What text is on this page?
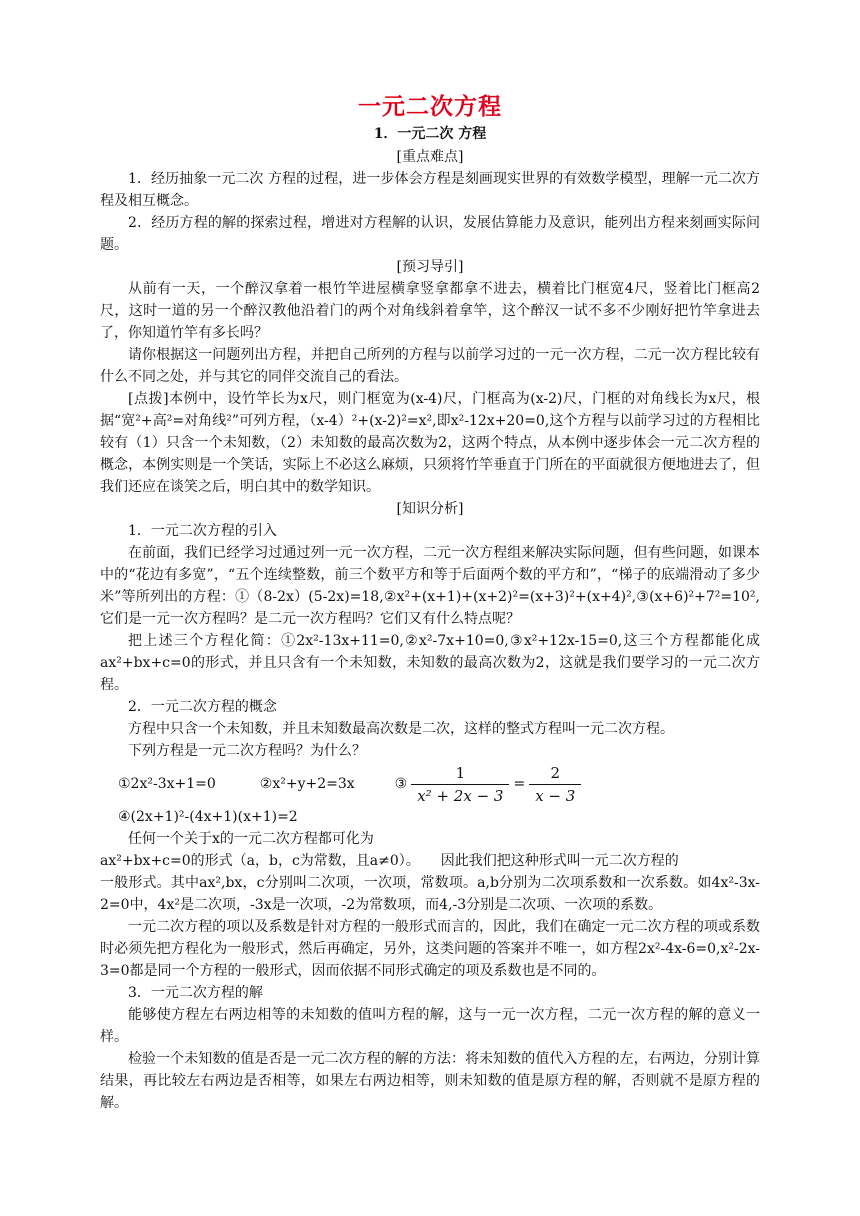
一元二次方程
1．一元二次 方程
[重点难点]

1．经历抽象一元二次 方程的过程，进一步体会方程是刻画现实世界的有效数学模型，理解一元二次方程及相互概念。

2．经历方程的解的探索过程，增进对方程解的认识，发展估算能力及意识，能列出方程来刻画实际问题。

[预习导引]

从前有一天，一个醉汉拿着一根竹竿进屋横拿竖拿都拿不进去，横着比门框宽4尺，竖着比门框高2尺，这时一道的另一个醉汉教他沿着门的两个对角线斜着拿竿，这个醉汉一试不多不少刚好把竹竿拿进去了，你知道竹竿有多长吗？

请你根据这一问题列出方程，并把自己所列的方程与以前学习过的一元一次方程，二元一次方程比较有什么不同之处，并与其它的同伴交流自己的看法。

[点拨]本例中，设竹竿长为x尺，则门框宽为(x-4)尺，门框高为(x-2)尺，门框的对角线长为x尺，根据“宽²+高²=对角线²”可列方程，（x-4）²+(x-2)²=x²,即x²-12x+20=0,这个方程与以前学习过的方程相比较有（1）只含一个未知数，（2）未知数的最高次数为2，这两个特点，从本例中逐步体会一元二次方程的概念，本例实则是一个笑话，实际上不必这么麻烦，只须将竹竿垂直于门所在的平面就很方便地进去了，但我们还应在谈笑之后，明白其中的数学知识。

[知识分析]

1．一元二次方程的引入

在前面，我们已经学习过通过列一元一次方程，二元一次方程组来解决实际问题，但有些问题，如课本中的“花边有多宽”，“五个连续整数，前三个数平方和等于后面两个数的平方和”，“梯子的底端滑动了多少米”等所列出的方程：①（8-2x）(5-2x)=18,②x²+(x+1)+(x+2)²=(x+3)²+(x+4)²,③(x+6)²+7²=10²,它们是一元一次方程吗？是二元一次方程吗？它们又有什么特点呢？

把上述三个方程化简：①2x²-13x+11=0,②x²-7x+10=0,③x²+12x-15=0,这三个方程都能化成ax²+bx+c=0的形式，并且只含有一个未知数，未知数的最高次数为2，这就是我们要学习的一元二次方程。

2．一元二次方程的概念

方程中只含一个未知数，并且未知数最高次数是二次，这样的整式方程叫一元二次方程。

下列方程是一元二次方程吗？为什么？

①2x²-3x+1=0	②x²+y+2=3x	③ $\frac{1}{\text{x² + 2x − 3}} = \frac{2}{x - 3}$

④(2x+1)²-(4x+1)(x+1)=2

任何一个关于x的一元二次方程都可化为

ax²+bx+c=0的形式（a，b，c为常数，且a≠0）。　　因此我们把这种形式叫一元二次方程的

一般形式。其中ax²,bx，c分别叫二次项，一次项，常数项。a,b分别为二次项系数和一次系数。如4x²-3x-2=0中，4x²是二次项，-3x是一次项，-2为常数项，而4,-3分别是二次项、一次项的系数。

一元二次方程的项以及系数是针对方程的一般形式而言的，因此，我们在确定一元二次方程的项或系数时必须先把方程化为一般形式，然后再确定，另外，这类问题的答案并不唯一，如方程2x²-4x-6=0,x²-2x-3=0都是同一个方程的一般形式，因而依据不同形式确定的项及系数也是不同的。

3．一元二次方程的解

能够使方程左右两边相等的未知数的值叫方程的解，这与一元一次方程，二元一次方程的解的意义一样。

检验一个未知数的值是否是一元二次方程的解的方法：将未知数的值代入方程的左，右两边，分别计算结果，再比较左右两边是否相等，如果左右两边相等，则未知数的值是原方程的解，否则就不是原方程的解。
